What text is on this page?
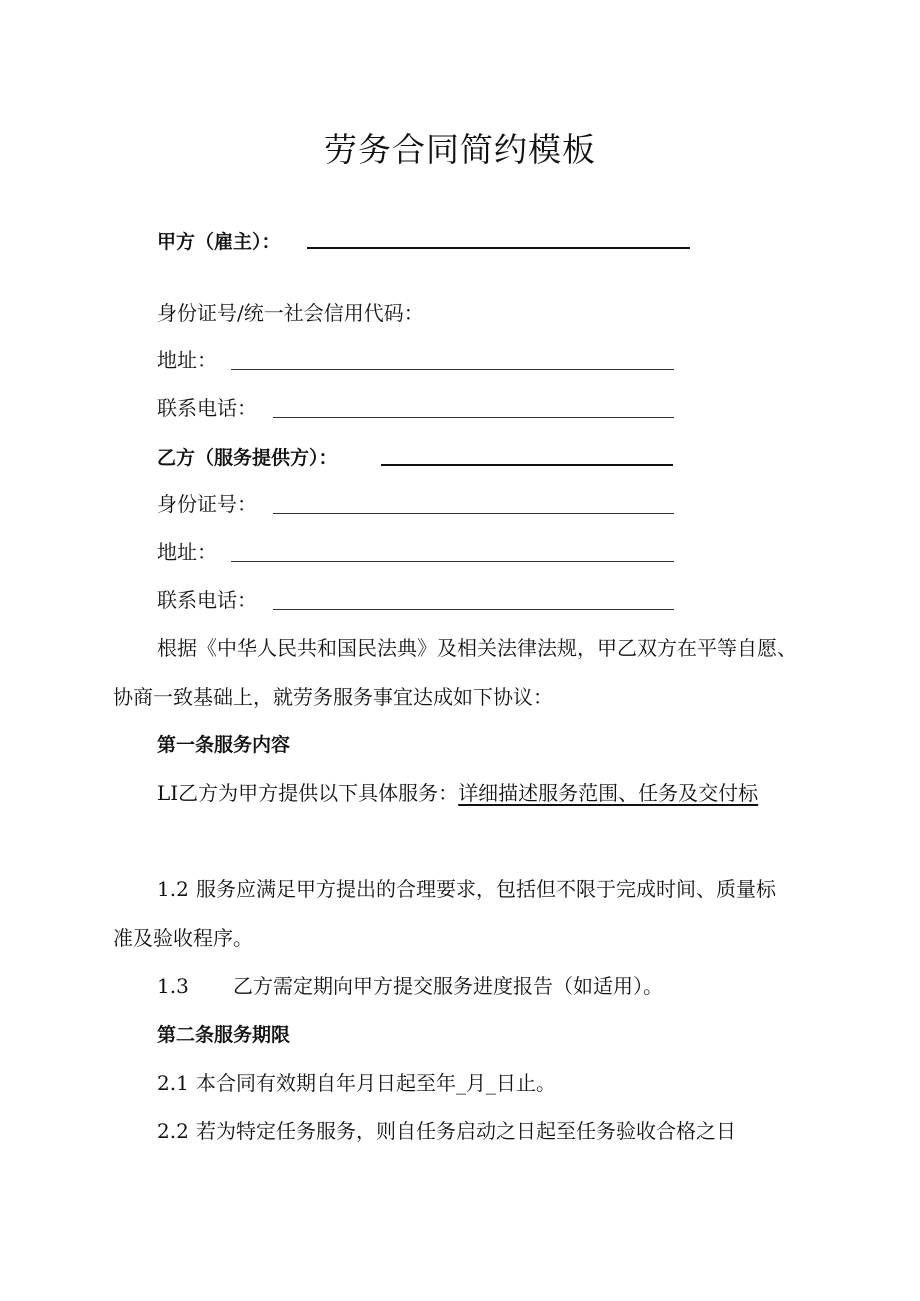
劳务合同简约模板
甲方（雇主）：
身份证号/统一社会信用代码：
地址：
联系电话：
乙方（服务提供方）：
身份证号：
地址：
联系电话：
根据《中华人民共和国民法典》及相关法律法规，甲乙双方在平等自愿、
协商一致基础上，就劳务服务事宜达成如下协议：
第一条服务内容
LI乙方为甲方提供以下具体服务：详细描述服务范围、任务及交付标
1.2 服务应满足甲方提出的合理要求，包括但不限于完成时间、质量标
准及验收程序。
1.3 乙方需定期向甲方提交服务进度报告（如适用）。
第二条服务期限
2.1 本合同有效期自年月日起至年_月_日止。
2.2 若为特定任务服务，则自任务启动之日起至任务验收合格之日
